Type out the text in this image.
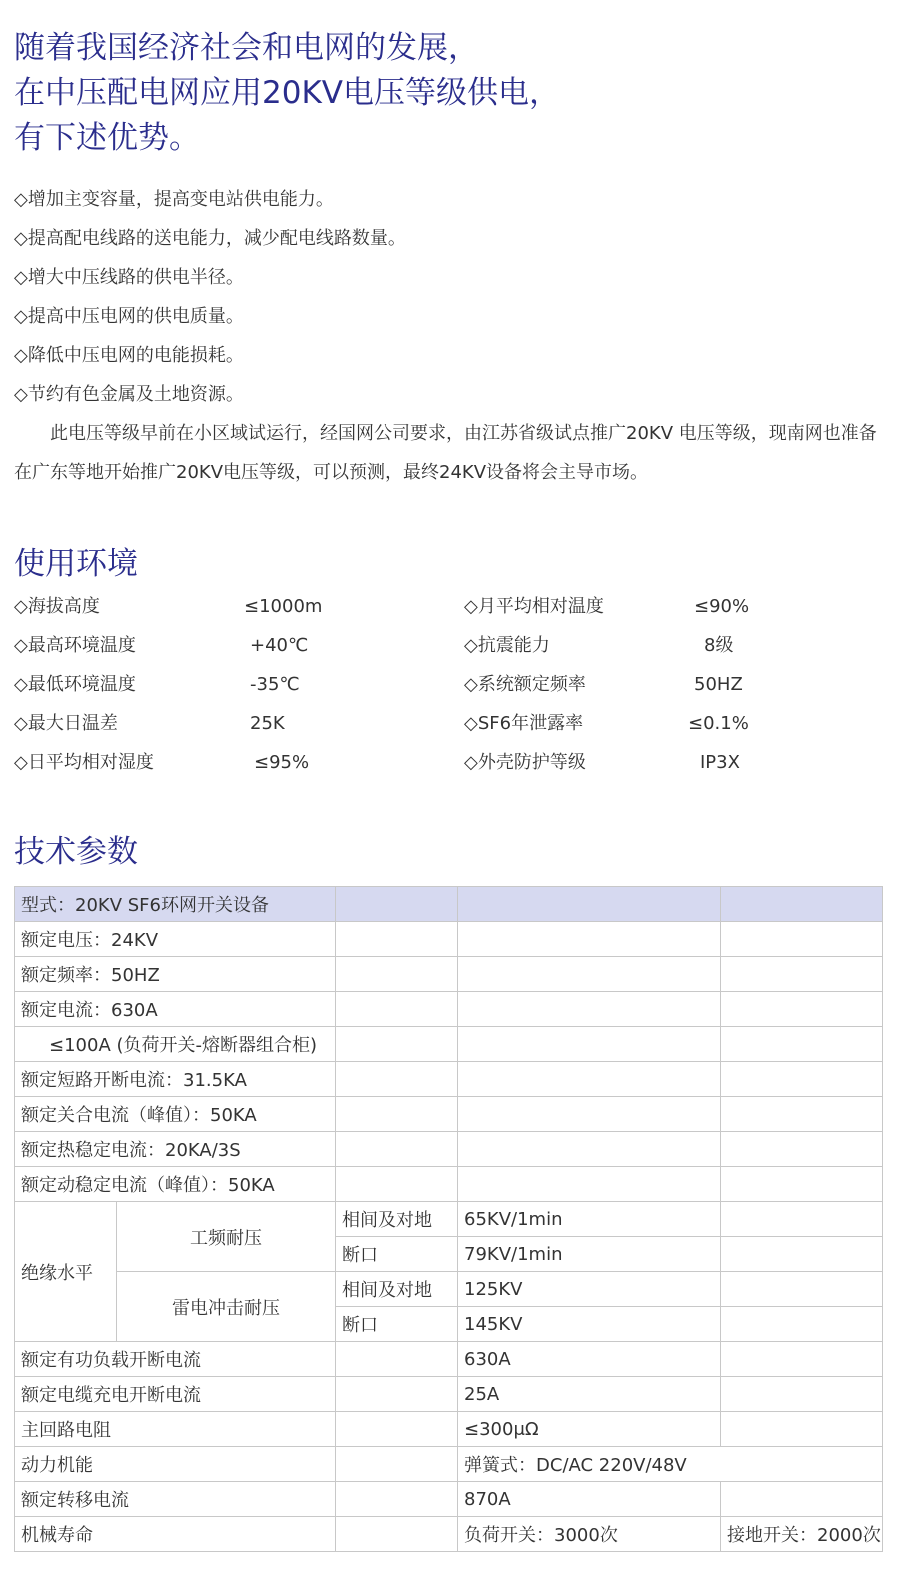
随着我国经济社会和电网的发展，
在中压配电网应用20KV电压等级供电，
有下述优势。
◇增加主变容量，提高变电站供电能力。
◇提高配电线路的送电能力，减少配电线路数量。
◇增大中压线路的供电半径。
◇提高中压电网的供电质量。
◇降低中压电网的电能损耗。
◇节约有色金属及土地资源。

此电压等级早前在小区域试运行，经国网公司要求，由江苏省级试点推广20KV 电压等级，现南网也准备在广东等地开始推广20KV电压等级，可以预测，最终24KV设备将会主导市场。

使用环境
◇海拔高度	≤1000m	◇月平均相对温度	≤90%
◇最高环境温度	+40℃	◇抗震能力	8级
◇最低环境温度	-35℃	◇系统额定频率	50HZ
◇最大日温差	25K	◇SF6年泄露率	≤0.1%
◇日平均相对湿度	≤95%	◇外壳防护等级	IP3X
技术参数
型式：20KV SF6环网开关设备				
额定电压：24KV				
额定频率：50HZ				
额定电流：630A				
≤100A (负荷开关-熔断器组合柜)				
额定短路开断电流：31.5KA				
额定关合电流（峰值）：50KA				
额定热稳定电流：20KA/3S				
额定动稳定电流（峰值）：50KA				
绝缘水平	工频耐压	相间及对地	65KV/1min	
		断口	79KV/1min	
	雷电冲击耐压	相间及对地	125KV	
		断口	145KV	
额定有功负载开断电流			630A	
额定电缆充电开断电流			25A	
主回路电阻			≤300μΩ	
动力机能			弹簧式：DC/AC 220V/48V	
额定转移电流			870A	
机械寿命			负荷开关：3000次	接地开关：2000次
